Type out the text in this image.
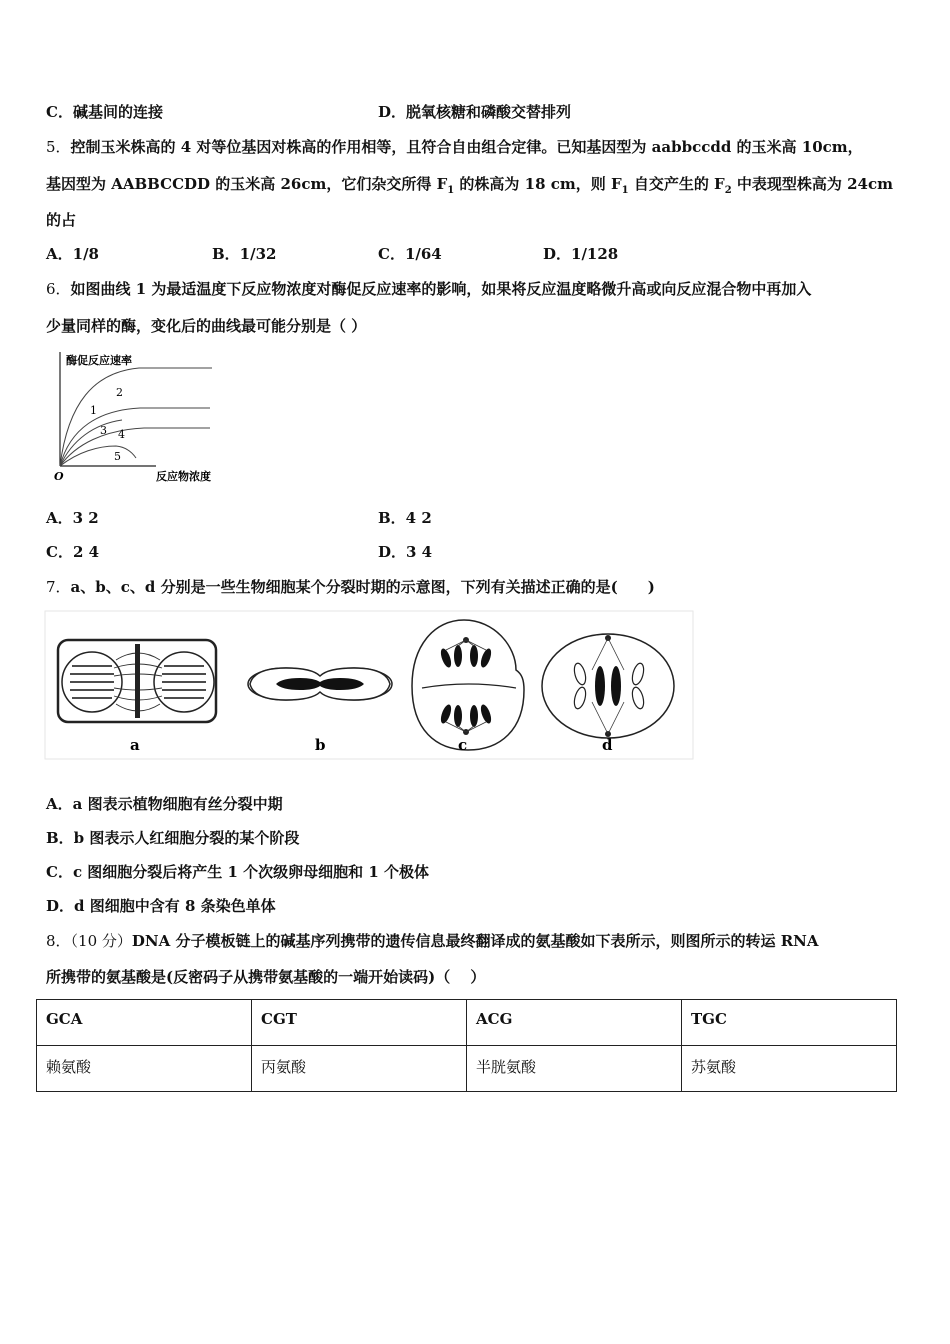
C．碱基间的连接	D．脱氧核糖和磷酸交替排列
5．控制玉米株高的 4 对等位基因对株高的作用相等，且符合自由组合定律。已知基因型为 aabbccdd 的玉米高 10cm，
基因型为 AABBCCDD 的玉米高 26cm，它们杂交所得 $F_1$ 的株高为 18 cm，则 $F_1$ 自交产生的 $F_2$ 中表现型株高为 24cm
的占
A．1/8	B．1/32	C．1/64	D．1/128
6．如图曲线 1 为最适温度下反应物浓度对酶促反应速率的影响，如果将反应温度略微升高或向反应混合物中再加入
少量同样的酶，变化后的曲线最可能分别是（ ）
酶促反应速率
反应物浓度
O
2
1
3 4
5
A．3 2	B．4 2
C．2 4	D．3 4
7．a、b、c、d 分别是一些生物细胞某个分裂时期的示意图，下列有关描述正确的是(　　)
a	b	c	d
A．a 图表示植物细胞有丝分裂中期
B．b 图表示人红细胞分裂的某个阶段
C．c 图细胞分裂后将产生 1 个次级卵母细胞和 1 个极体
D．d 图细胞中含有 8 条染色单体
8．（10 分）DNA 分子模板链上的碱基序列携带的遗传信息最终翻译成的氨基酸如下表所示，则图所示的转运 RNA
所携带的氨基酸是(反密码子从携带氨基酸的一端开始读码)（　 ）
GCA	CGT	ACG	TGC
赖氨酸	丙氨酸	半胱氨酸	苏氨酸
